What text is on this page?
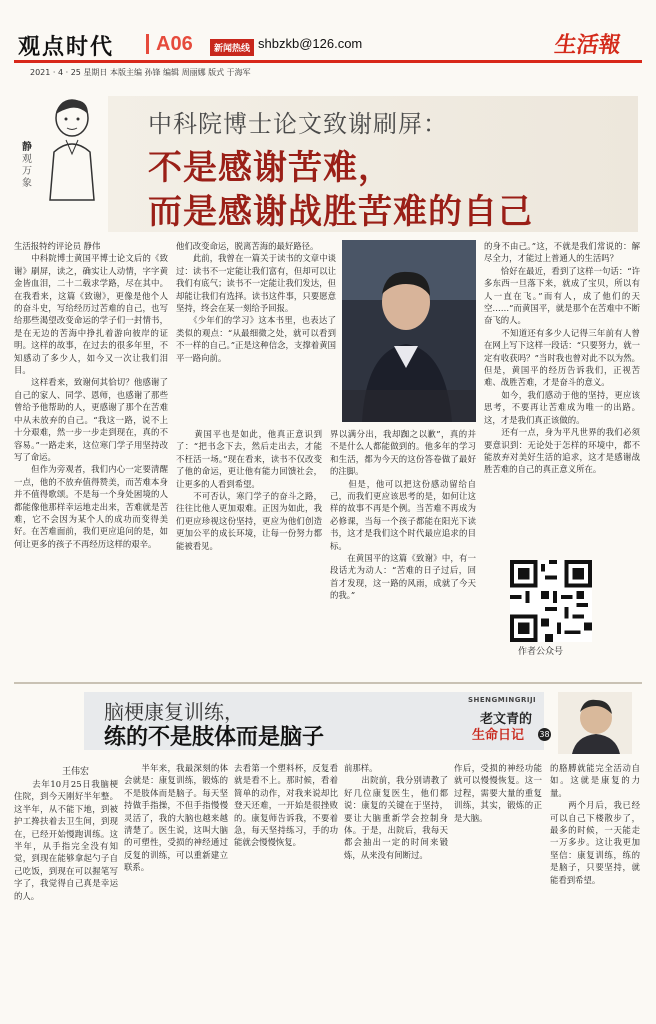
观点时代 A06	新闻热线 shbzkb@126.com	生活報
2021 · 4 · 25 星期日 本版主编 孙锋 编辑 周丽娜 版式 于海军
静
观万象
中科院博士论文致谢刷屏：
不是感谢苦难，
而是感谢战胜苦难的自己
生活报特约评论员 静伟
　　中科院博士黄国平博士论文后的《致谢》刷屏，读之，确实让人动情，字字黄金皆血泪，二十二载求学路，尽在其中。在我看来，这篇《致谢》，更像是他个人的奋斗史，写给经历过苦难的自己，也写给那些渴望改变命运的学子们一封情书，是在无边的苦海中挣扎着游向彼岸的证明。这样的故事，在过去的很多年里，不知感动了多少人，如今又一次让我们泪目。
　　这样看来，致谢何其恰切？他感谢了自己的家人、同学、恩师，也感谢了那些曾给予他帮助的人，更感谢了那个在苦难中从未放弃的自己。“我这一路，说不上十分艰难，然一步一步走到现在，真的不容易。”一路走来，这位寒门学子用坚持改写了命运。
　　但作为旁观者，我们内心一定要清醒一点，他的不放弃值得赞美，而苦难本身并不值得歌颂。不是每一个身处困境的人都能像他那样幸运地走出来，苦难就是苦难，它不会因为某个人的成功而变得美好。在苦难面前，我们更应追问的是，如何让更多的孩子不再经历这样的艰辛。
他们改变命运，脱离苦海的最好路径。
　　此前，我曾在一篇关于读书的文章中谈过：读书不一定能让我们富有，但却可以让我们有底气；读书不一定能让我们发达，但却能让我们有选择。读书这件事，只要愿意坚持，终会在某一刻给予回报。
　　《少年们的学习》这本书里，也表达了类似的观点：“从最细微之处，就可以看到不一样的自己。”正是这种信念，支撑着黄国平一路向前。
　　黄国平也是如此，他真正意识到了：“把书念下去，然后走出去，才能不枉活一场。”现在看来，读书不仅改变了他的命运，更让他有能力回馈社会，让更多的人看到希望。
　　不可否认，寒门学子的奋斗之路，往往比他人更加艰难。正因为如此，我们更应珍视这份坚持，更应为他们创造更加公平的成长环境，让每一份努力都能被看见。
界以满分出，我却踟之以歉”，真的并不是什么人都能做到的。他多年的学习和生活，都为今天的这份答卷做了最好的注脚。
　　但是，他可以把这份感动留给自己，而我们更应该思考的是，如何让这样的故事不再是个例。当苦难不再成为必修课，当每一个孩子都能在阳光下读书，这才是我们这个时代最应追求的目标。
　　在黄国平的这篇《致谢》中，有一段话尤为动人：“苦难的日子过后，回首才发现，这一路的风雨，成就了今天的我。”
的身不由己。”这，不就是我们常说的：解尽全力，才能过上普通人的生活吗？
　　恰好在最近，看到了这样一句话：“许多东西一旦落下来，就成了宝贝，所以有人一直在飞。”而有人，成了他们的天空……”而黄国平，就是那个在苦难中不断奋飞的人。
　　不知道还有多少人记得三年前有人曾在网上写下这样一段话：“只要努力，就一定有收获吗？”当时我也曾对此不以为然。但是，黄国平的经历告诉我们，正视苦难、战胜苦难，才是奋斗的意义。
　　如今，我们感动于他的坚持，更应该思考，不要再让苦难成为唯一的出路。这，才是我们真正该做的。
　　还有一点，身为平凡世界的我们必须要意识到：无论处于怎样的环境中，都不能放弃对美好生活的追求，这才是感谢战胜苦难的自己的真正意义所在。
作者公众号
脑梗康复训练，
练的不是肢体而是脑子
SHENGMINGRIJI
老文青的
生命日记 38
王伟宏
　　去年10月25日我脑梗住院，到今天刚好半年整。这半年，从不能下地，到被护工搀扶着去卫生间，到现在，已经开始慢跑训练。这半年，从手指完全没有知觉，到现在能够拿起勺子自己吃饭，到现在可以握笔写字了，我觉得自己真是幸运的人。
　　半年来，我最深刻的体会就是：康复训练，锻炼的不是肢体而是脑子。每天坚持做手指操，不但手指慢慢灵活了，我的大脑也越来越清楚了。医生说，这叫大脑的可塑性，受损的神经通过反复的训练，可以重新建立联系。
去看第一个塑料杯，反复看就是看不上。那时候，看着简单的动作，对我来说却比登天还难，一开始是很挫败的。康复师告诉我，不要着急，每天坚持练习，手的功能就会慢慢恢复。
前那样。
　　出院前，我分别请教了好几位康复医生，他们都说：康复的关键在于坚持，要让大脑重新学会控制身体。于是，出院后，我每天都会抽出一定的时间来锻炼，从来没有间断过。
作后，受损的神经功能就可以慢慢恢复。这一过程，需要大量的重复训练，其实，锻炼的正是大脑。
的胳膊就能完全活动自如。这就是康复的力量。
　　两个月后，我已经可以自己下楼散步了，最多的时候，一天能走一万多步。这让我更加坚信：康复训练，练的是脑子，只要坚持，就能看到希望。
